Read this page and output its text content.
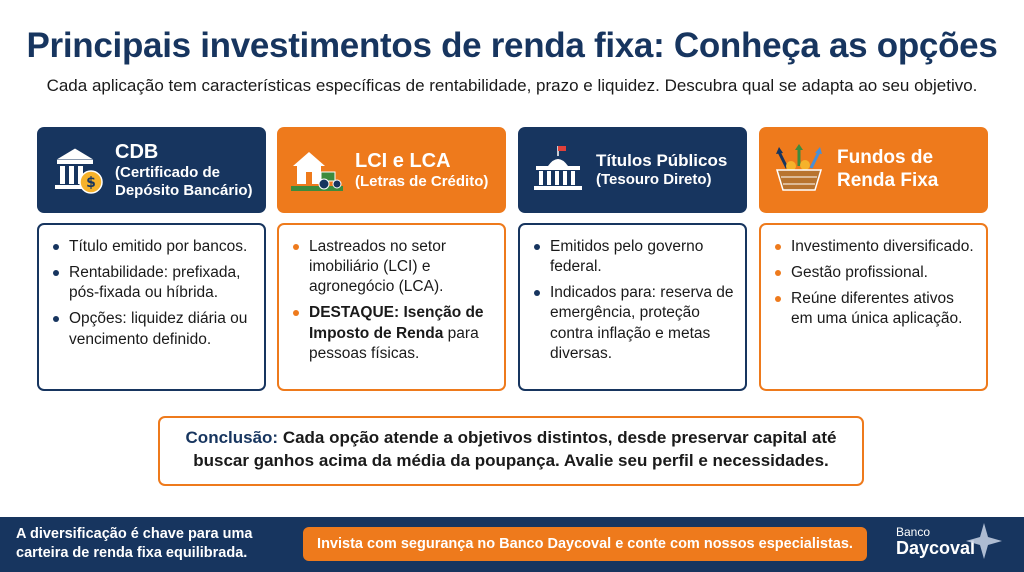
Principais investimentos de renda fixa: Conheça as opções
Cada aplicação tem características específicas de rentabilidade, prazo e liquidez. Descubra qual se adapta ao seu objetivo.
$
CDB
(Certificado de Depósito Bancário)
Título emitido por bancos.
Rentabilidade: prefixada, pós-fixada ou híbrida.
Opções: liquidez diária ou vencimento definido.
LCI e LCA
(Letras de Crédito)
Lastreados no setor imobiliário (LCI) e agronegócio (LCA).
DESTAQUE: Isenção de Imposto de Renda para pessoas físicas.
Títulos Públicos
(Tesouro Direto)
Emitidos pelo governo federal.
Indicados para: reserva de emergência, proteção contra inflação e metas diversas.
Fundos de Renda Fixa
Investimento diversificado.
Gestão profissional.
Reúne diferentes ativos em uma única aplicação.
Conclusão: Cada opção atende a objetivos distintos, desde preservar capital até buscar ganhos acima da média da poupança. Avalie seu perfil e necessidades.
A diversificação é chave para uma carteira de renda fixa equilibrada.
Invista com segurança no Banco Daycoval e conte com nossos especialistas.
Banco
Daycoval
